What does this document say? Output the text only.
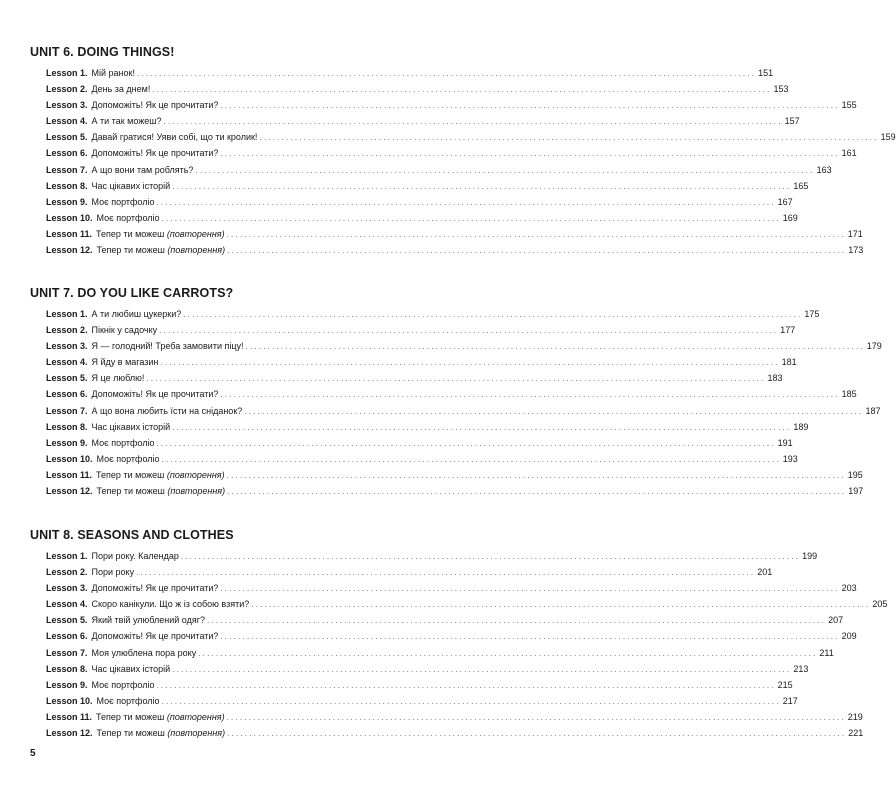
UNIT 6. DOING THINGS!
Lesson 1. Мій ранок! ............................................................................................................................................ 151
Lesson 2. День за днем! ............................................................................................................................................ 153
Lesson 3. Допоможіть! Як це прочитати? ............................................................................................................................................ 155
Lesson 4. А ти так можеш? ............................................................................................................................................ 157
Lesson 5. Давай гратися! Уяви собі, що ти кролик! ............................................................................................................................................ 159
Lesson 6. Допоможіть! Як це прочитати? ............................................................................................................................................ 161
Lesson 7. А що вони там роблять? ............................................................................................................................................ 163
Lesson 8. Час цікавих історій ............................................................................................................................................ 165
Lesson 9. Моє портфоліо ............................................................................................................................................ 167
Lesson 10. Моє портфоліо ............................................................................................................................................ 169
Lesson 11. Тепер ти можеш (повторення) ............................................................................................................................................ 171
Lesson 12. Тепер ти можеш (повторення) ............................................................................................................................................ 173
UNIT 7. DO YOU LIKE CARROTS?
Lesson 1. А ти любиш цукерки? ............................................................................................................................................ 175
Lesson 2. Пікнік у садочку ............................................................................................................................................ 177
Lesson 3. Я — голодний! Треба замовити піцу! ............................................................................................................................................ 179
Lesson 4. Я йду в магазин ............................................................................................................................................ 181
Lesson 5. Я це люблю! ............................................................................................................................................ 183
Lesson 6. Допоможіть! Як це прочитати? ............................................................................................................................................ 185
Lesson 7. А що вона любить їсти на сніданок? ............................................................................................................................................ 187
Lesson 8. Час цікавих історій ............................................................................................................................................ 189
Lesson 9. Моє портфоліо ............................................................................................................................................ 191
Lesson 10. Моє портфоліо ............................................................................................................................................ 193
Lesson 11. Тепер ти можеш (повторення) ............................................................................................................................................ 195
Lesson 12. Тепер ти можеш (повторення) ............................................................................................................................................ 197
UNIT 8. SEASONS AND CLOTHES
Lesson 1. Пори року. Календар ............................................................................................................................................ 199
Lesson 2. Пори року ............................................................................................................................................ 201
Lesson 3. Допоможіть! Як це прочитати? ............................................................................................................................................ 203
Lesson 4. Скоро канікули. Що ж із собою взяти? ............................................................................................................................................ 205
Lesson 5. Який твій улюблений одяг? ............................................................................................................................................ 207
Lesson 6. Допоможіть! Як це прочитати? ............................................................................................................................................ 209
Lesson 7. Моя улюблена пора року ............................................................................................................................................ 211
Lesson 8. Час цікавих історій ............................................................................................................................................ 213
Lesson 9. Моє портфоліо ............................................................................................................................................ 215
Lesson 10. Моє портфоліо ............................................................................................................................................ 217
Lesson 11. Тепер ти можеш (повторення) ............................................................................................................................................ 219
Lesson 12. Тепер ти можеш (повторення) ............................................................................................................................................ 221
5
